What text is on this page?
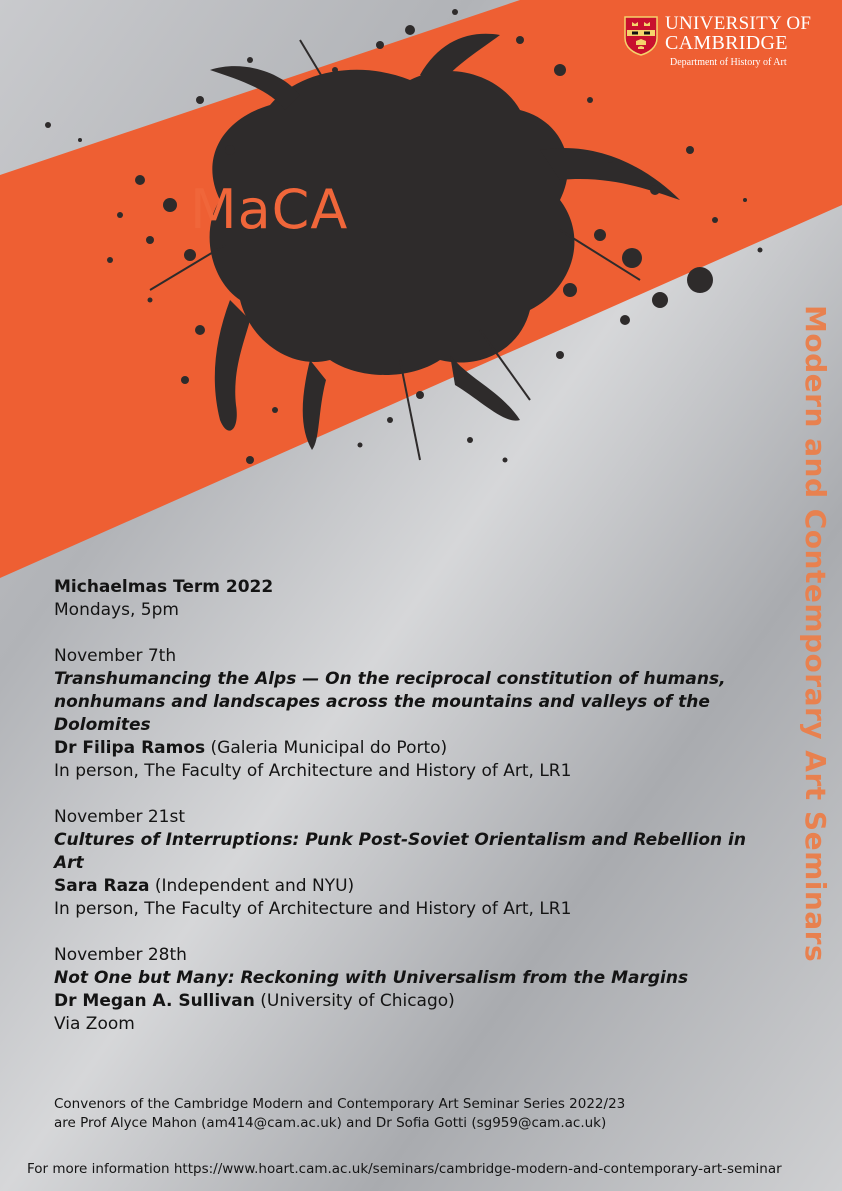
UNIVERSITY OF
CAMBRIDGE
Department of History of Art
MaCA
Modern and Contemporary Art Seminars
Michaelmas Term 2022
Mondays, 5pm
November 7th
Transhumancing the Alps — On the reciprocal constitution of humans, nonhumans and landscapes across the mountains and valleys of the Dolomites
Dr Filipa Ramos (Galeria Municipal do Porto)
In person, The Faculty of Architecture and History of Art, LR1
November 21st
Cultures of Interruptions: Punk Post-Soviet Orientalism and Rebellion in Art
Sara Raza (Independent and NYU)
In person, The Faculty of Architecture and History of Art, LR1
November 28th
Not One but Many: Reckoning with Universalism from the Margins
Dr Megan A. Sullivan (University of Chicago)
Via Zoom
Convenors of the Cambridge Modern and Contemporary Art Seminar Series 2022/23
are Prof Alyce Mahon (am414@cam.ac.uk) and Dr Sofia Gotti (sg959@cam.ac.uk)
For more information https://www.hoart.cam.ac.uk/seminars/cambridge-modern-and-contemporary-art-seminar
